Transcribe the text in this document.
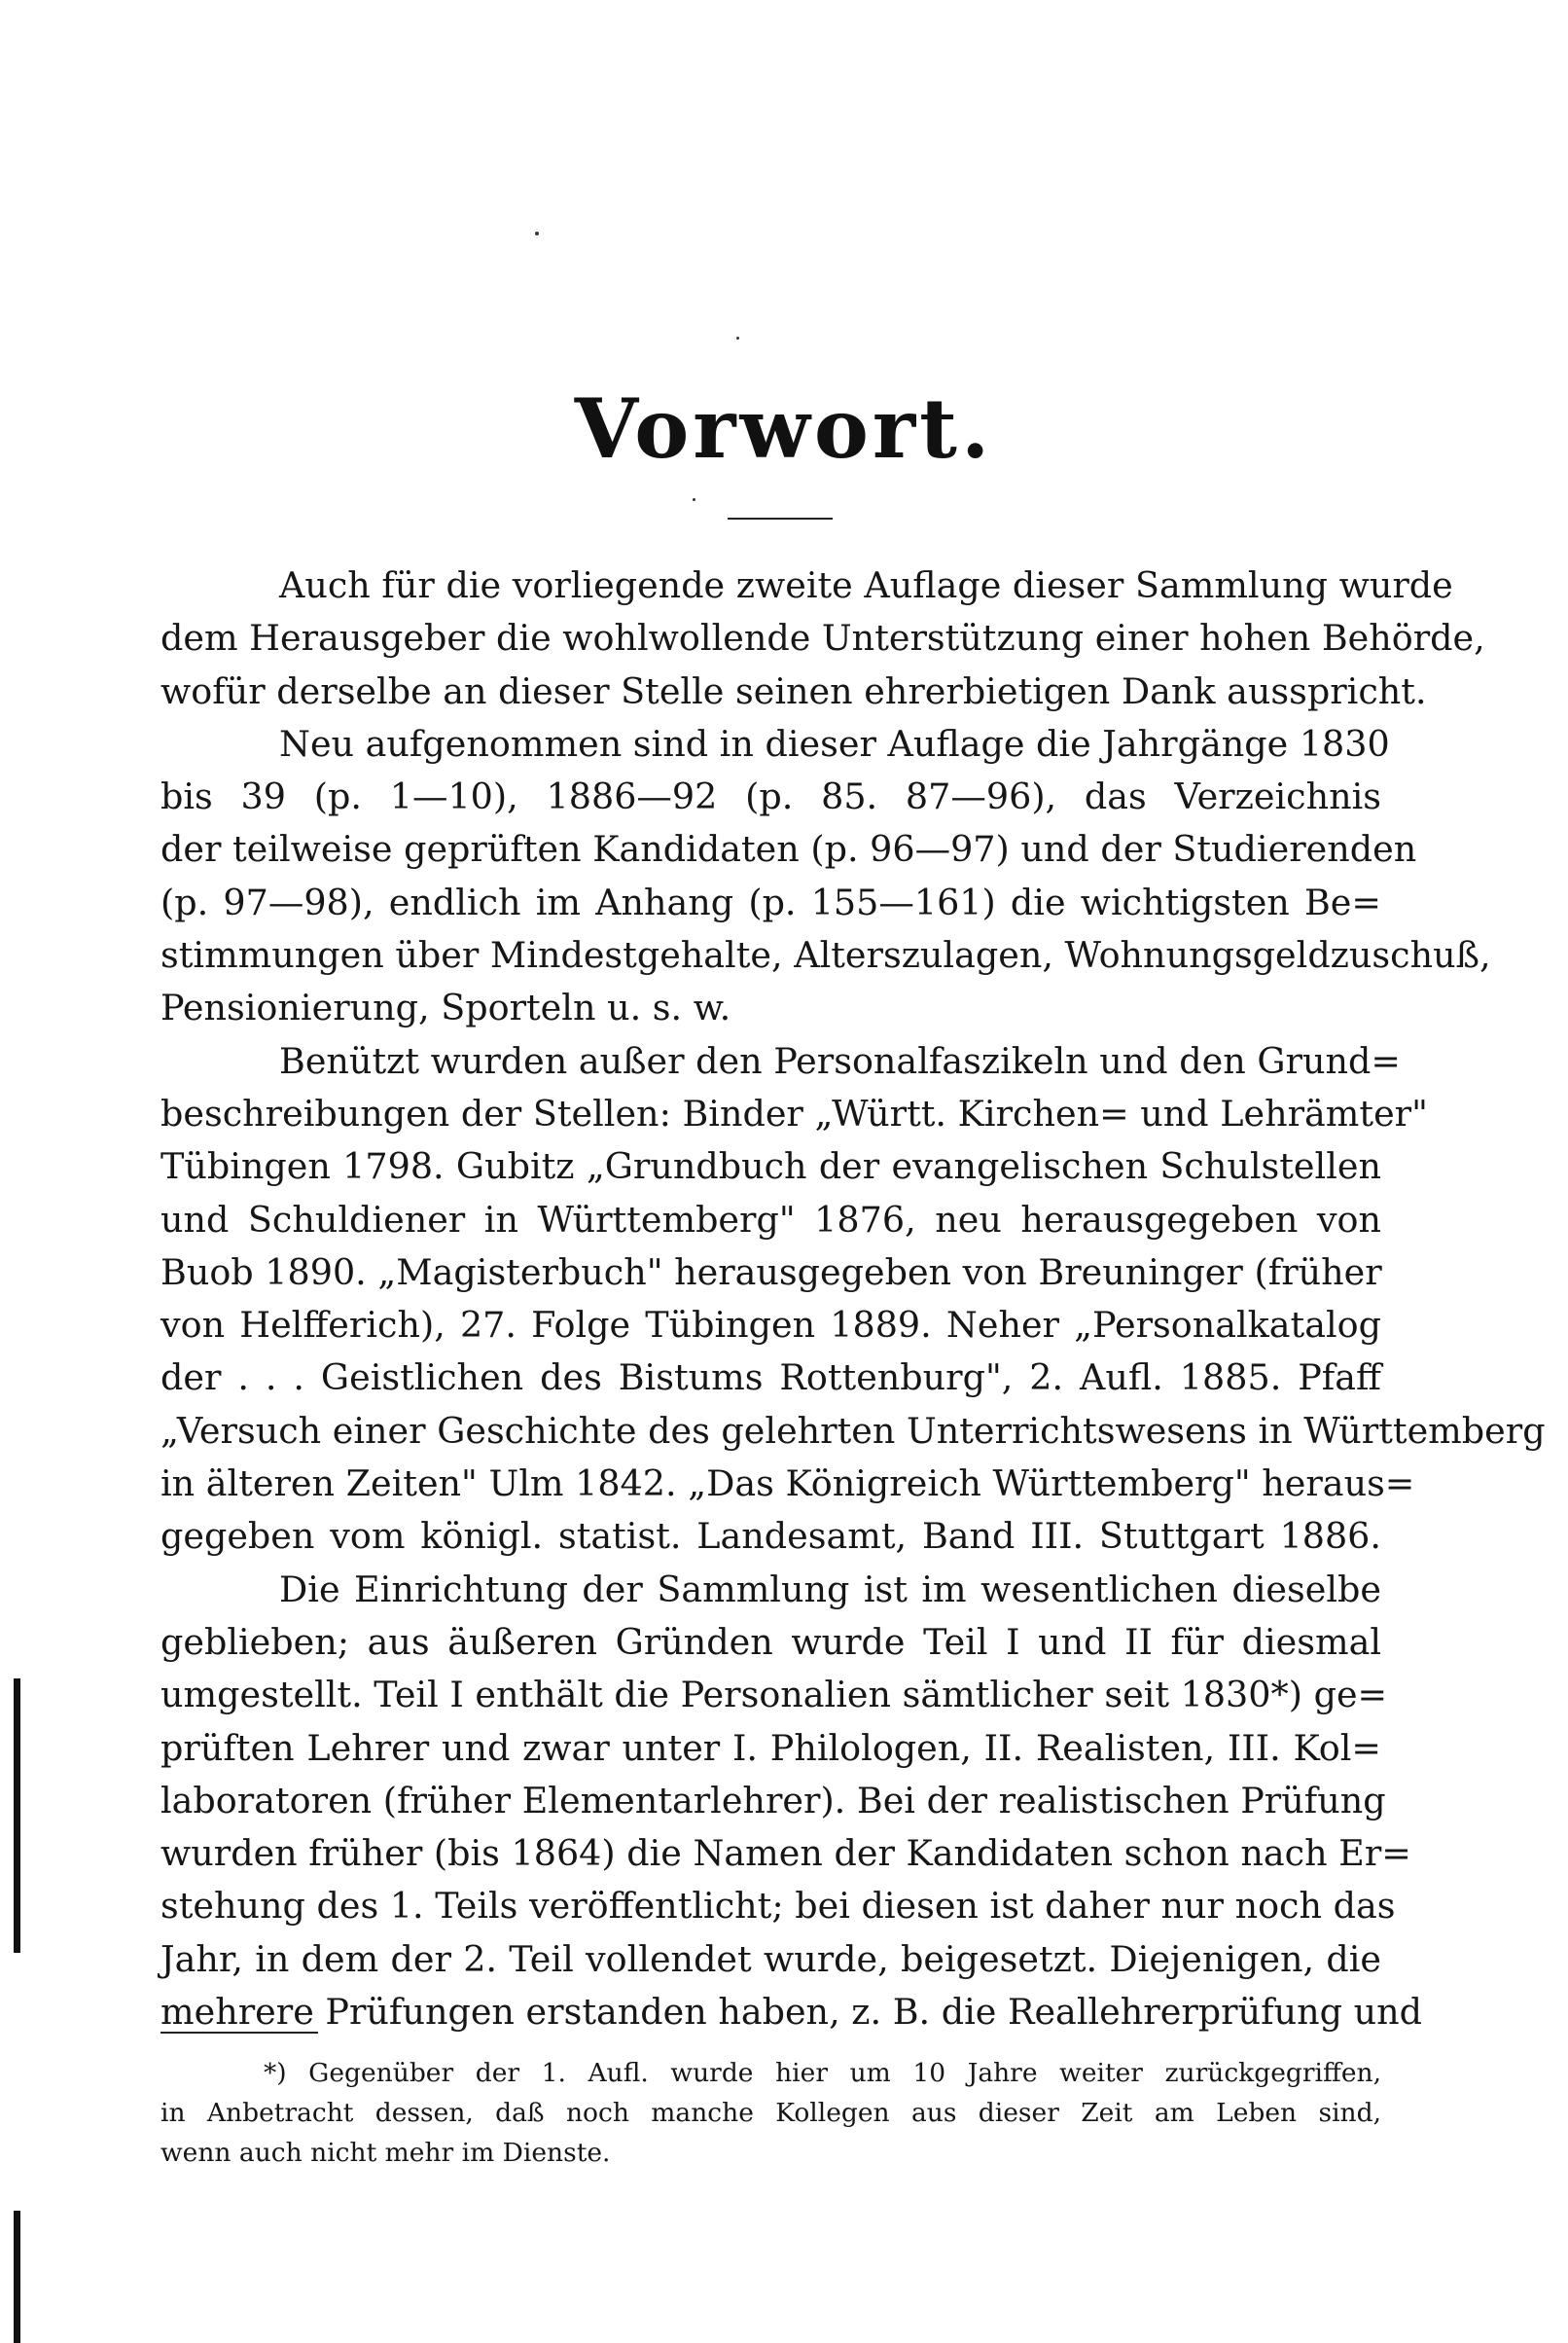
Vorwort.
Auch für die vorliegende zweite Auflage dieser Sammlung wurde
dem Herausgeber die wohlwollende Unterstützung einer hohen Behörde,
wofür derselbe an dieser Stelle seinen ehrerbietigen Dank ausspricht.
Neu aufgenommen sind in dieser Auflage die Jahrgänge 1830
bis 39 (p. 1—10), 1886—92 (p. 85. 87—96), das Verzeichnis
der teilweise geprüften Kandidaten (p. 96—97) und der Studierenden
(p. 97—98), endlich im Anhang (p. 155—161) die wichtigsten Be=
stimmungen über Mindestgehalte, Alterszulagen, Wohnungsgeldzuschuß,
Pensionierung, Sporteln u. s. w.
Benützt wurden außer den Personalfaszikeln und den Grund=
beschreibungen der Stellen: Binder „Württ. Kirchen= und Lehrämter"
Tübingen 1798. Gubitz „Grundbuch der evangelischen Schulstellen
und Schuldiener in Württemberg" 1876, neu herausgegeben von
Buob 1890. „Magisterbuch" herausgegeben von Breuninger (früher
von Helfferich), 27. Folge Tübingen 1889. Neher „Personalkatalog
der . . . Geistlichen des Bistums Rottenburg", 2. Aufl. 1885. Pfaff
„Versuch einer Geschichte des gelehrten Unterrichtswesens in Württemberg
in älteren Zeiten" Ulm 1842. „Das Königreich Württemberg" heraus=
gegeben vom königl. statist. Landesamt, Band III. Stuttgart 1886.
Die Einrichtung der Sammlung ist im wesentlichen dieselbe
geblieben; aus äußeren Gründen wurde Teil I und II für diesmal
umgestellt. Teil I enthält die Personalien sämtlicher seit 1830*) ge=
prüften Lehrer und zwar unter I. Philologen, II. Realisten, III. Kol=
laboratoren (früher Elementarlehrer). Bei der realistischen Prüfung
wurden früher (bis 1864) die Namen der Kandidaten schon nach Er=
stehung des 1. Teils veröffentlicht; bei diesen ist daher nur noch das
Jahr, in dem der 2. Teil vollendet wurde, beigesetzt. Diejenigen, die
mehrere Prüfungen erstanden haben, z. B. die Reallehrerprüfung und
*) Gegenüber der 1. Aufl. wurde hier um 10 Jahre weiter zurückgegriffen,
in Anbetracht dessen, daß noch manche Kollegen aus dieser Zeit am Leben sind,
wenn auch nicht mehr im Dienste.
